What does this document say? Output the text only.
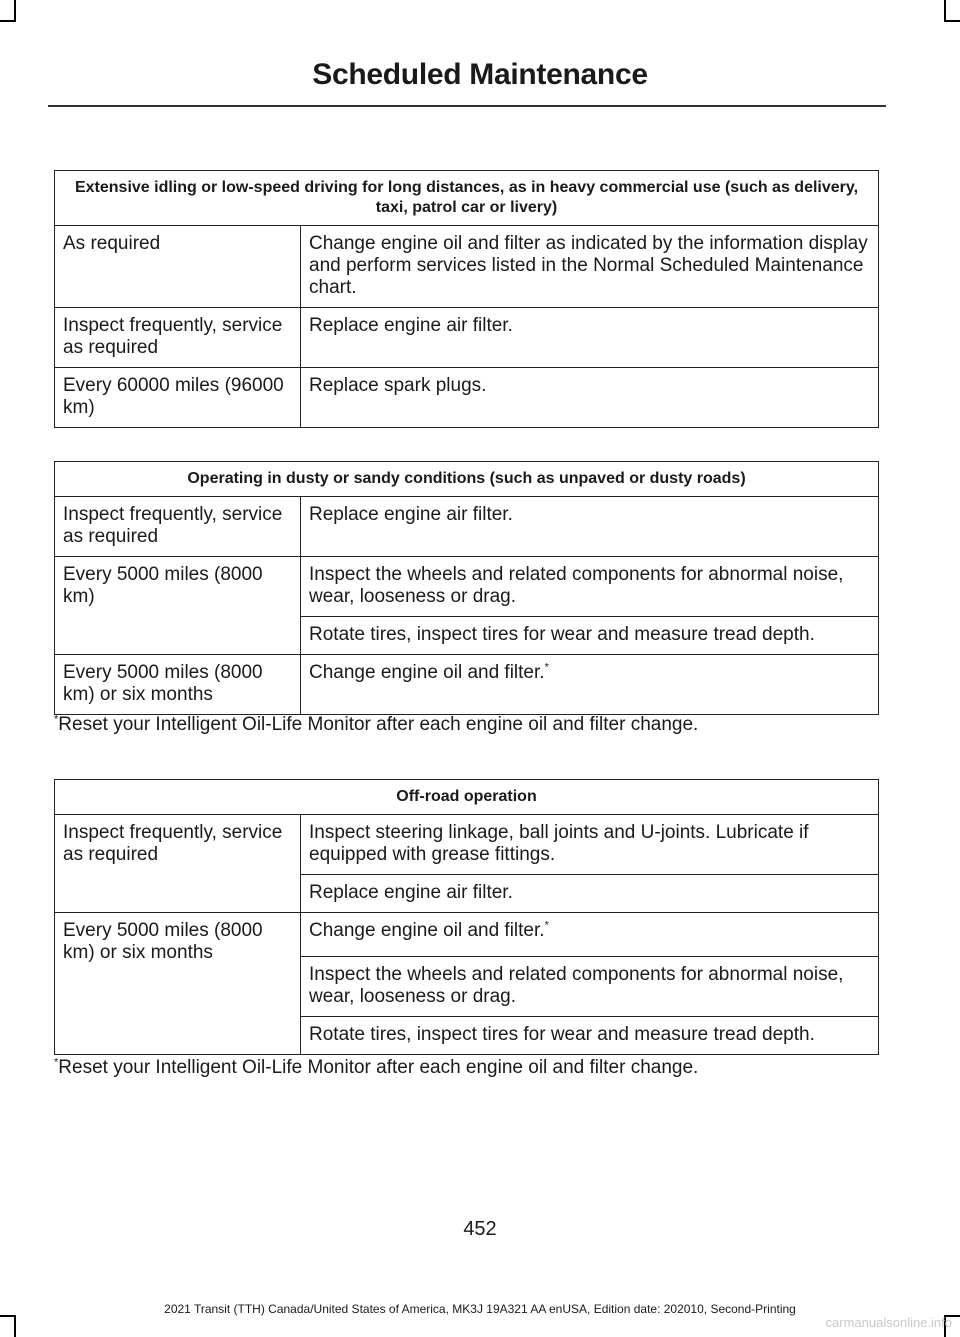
Scheduled Maintenance
Extensive idling or low-speed driving for long distances, as in heavy commercial use (such as delivery, taxi, patrol car or livery)	
As required	Change engine oil and filter as indicated by the information display and perform services listed in the Normal Scheduled Maintenance chart.
Inspect frequently, service as required	Replace engine air filter.
Every 60000 miles (96000 km)	Replace spark plugs.
Operating in dusty or sandy conditions (such as unpaved or dusty roads)	
Inspect frequently, service as required	Replace engine air filter.
Every 5000 miles (8000 km)	Inspect the wheels and related components for abnormal noise, wear, looseness or drag.
	Rotate tires, inspect tires for wear and measure tread depth.
Every 5000 miles (8000 km) or six months	Change engine oil and filter.*
*Reset your Intelligent Oil-Life Monitor after each engine oil and filter change.
Off-road operation	
Inspect frequently, service as required	Inspect steering linkage, ball joints and U-joints. Lubricate if equipped with grease fittings.
	Replace engine air filter.
Every 5000 miles (8000 km) or six months	Change engine oil and filter.*
	Inspect the wheels and related components for abnormal noise, wear, looseness or drag.
	Rotate tires, inspect tires for wear and measure tread depth.
*Reset your Intelligent Oil-Life Monitor after each engine oil and filter change.
452
2021 Transit (TTH) Canada/United States of America, MK3J 19A321 AA enUSA, Edition date: 202010, Second-Printing
carmanualsonline.info
